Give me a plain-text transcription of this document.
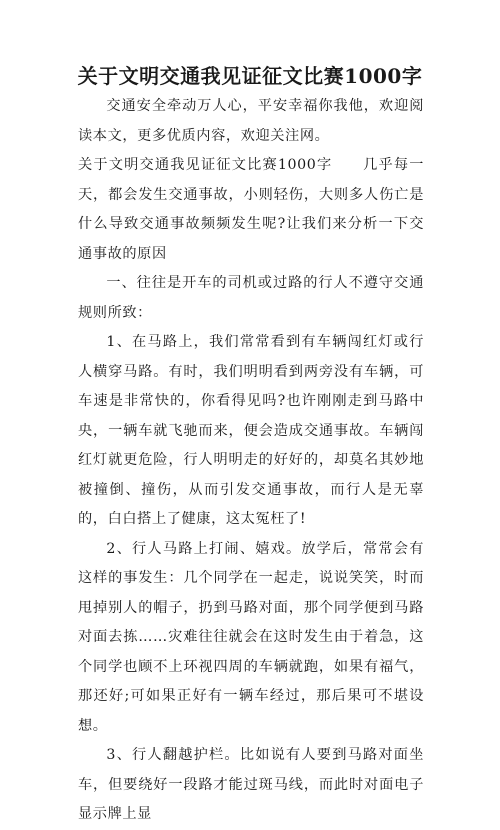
关于文明交通我见证征文比赛1000字

交通安全牵动万人心，平安幸福你我他，欢迎阅读本文，更多优质内容，欢迎关注网。

关于文明交通我见证征文比赛1000字　　几乎每一天，都会发生交通事故，小则轻伤，大则多人伤亡是什么导致交通事故频频发生呢?让我们来分析一下交通事故的原因

一、往往是开车的司机或过路的行人不遵守交通规则所致：

1、在马路上，我们常常看到有车辆闯红灯或行人横穿马路。有时，我们明明看到两旁没有车辆，可车速是非常快的，你看得见吗?也许刚刚走到马路中央，一辆车就飞驰而来，便会造成交通事故。车辆闯红灯就更危险，行人明明走的好好的，却莫名其妙地被撞倒、撞伤，从而引发交通事故，而行人是无辜的，白白搭上了健康，这太冤枉了!

2、行人马路上打闹、嬉戏。放学后，常常会有这样的事发生：几个同学在一起走，说说笑笑，时而甩掉别人的帽子，扔到马路对面，那个同学便到马路对面去拣……灾难往往就会在这时发生由于着急，这个同学也顾不上环视四周的车辆就跑，如果有福气，那还好;可如果正好有一辆车经过，那后果可不堪设想。

3、行人翻越护栏。比如说有人要到马路对面坐车，但要绕好一段路才能过斑马线，而此时对面电子显示牌上显
